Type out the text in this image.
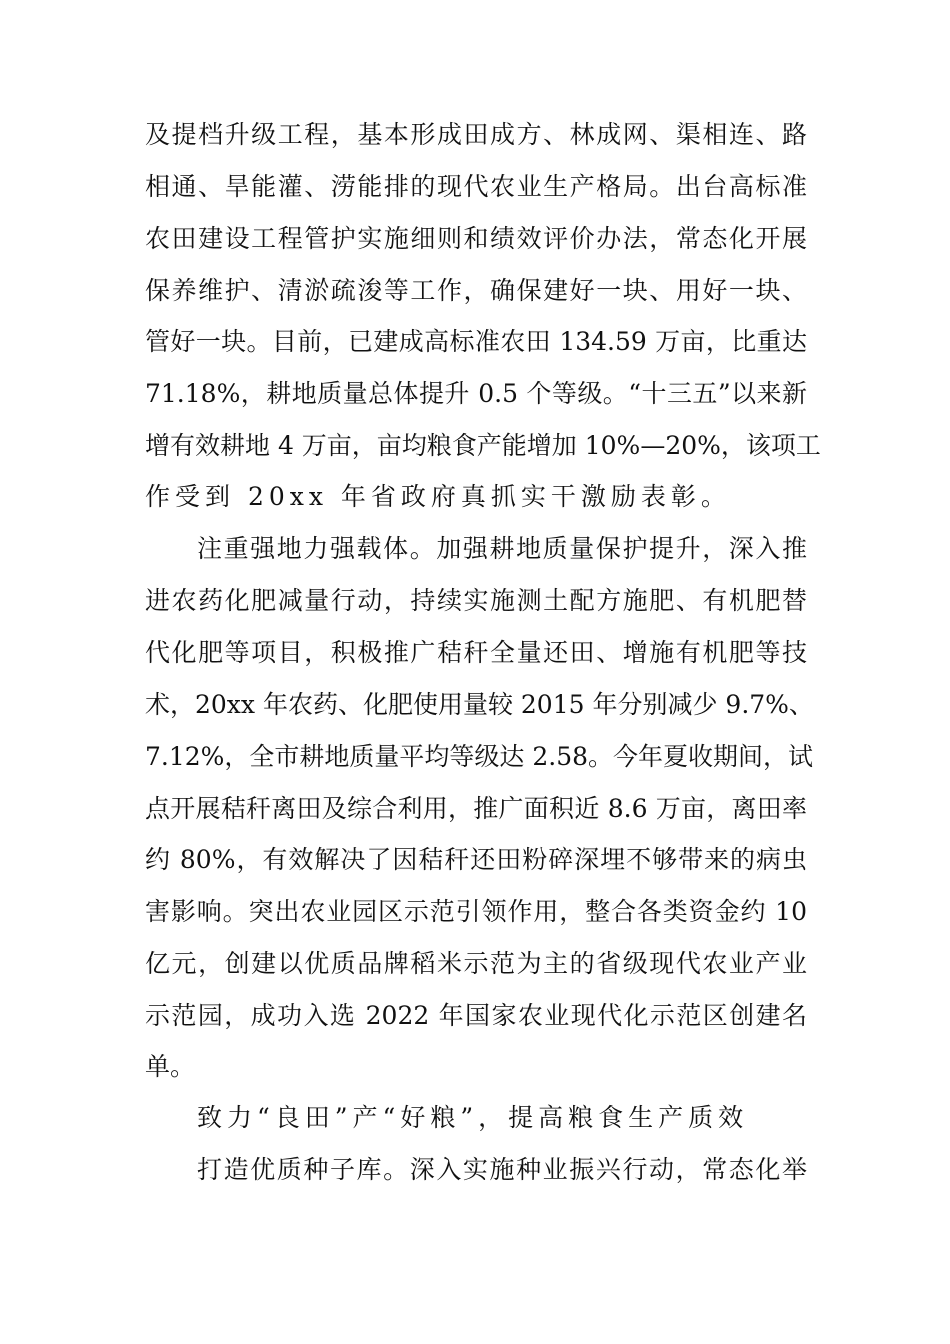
及提档升级工程，基本形成田成方、林成网、渠相连、路
相通、旱能灌、涝能排的现代农业生产格局。出台高标准
农田建设工程管护实施细则和绩效评价办法，常态化开展
保养维护、清淤疏浚等工作，确保建好一块、用好一块、
管好一块。目前，已建成高标准农田 134.59 万亩，比重达
71.18%，耕地质量总体提升 0.5 个等级。“十三五”以来新
增有效耕地 4 万亩，亩均粮食产能增加 10%—20%，该项工
作受到 20xx 年省政府真抓实干激励表彰。
注重强地力强载体。加强耕地质量保护提升，深入推
进农药化肥减量行动，持续实施测土配方施肥、有机肥替
代化肥等项目，积极推广秸秆全量还田、增施有机肥等技
术，20xx 年农药、化肥使用量较 2015 年分别减少 9.7%、
7.12%，全市耕地质量平均等级达 2.58。今年夏收期间，试
点开展秸秆离田及综合利用，推广面积近 8.6 万亩，离田率
约 80%，有效解决了因秸秆还田粉碎深埋不够带来的病虫
害影响。突出农业园区示范引领作用，整合各类资金约 10
亿元，创建以优质品牌稻米示范为主的省级现代农业产业
示范园，成功入选 2022 年国家农业现代化示范区创建名
单。
致力“良田”产“好粮”，提高粮食生产质效
打造优质种子库。深入实施种业振兴行动，常态化举
